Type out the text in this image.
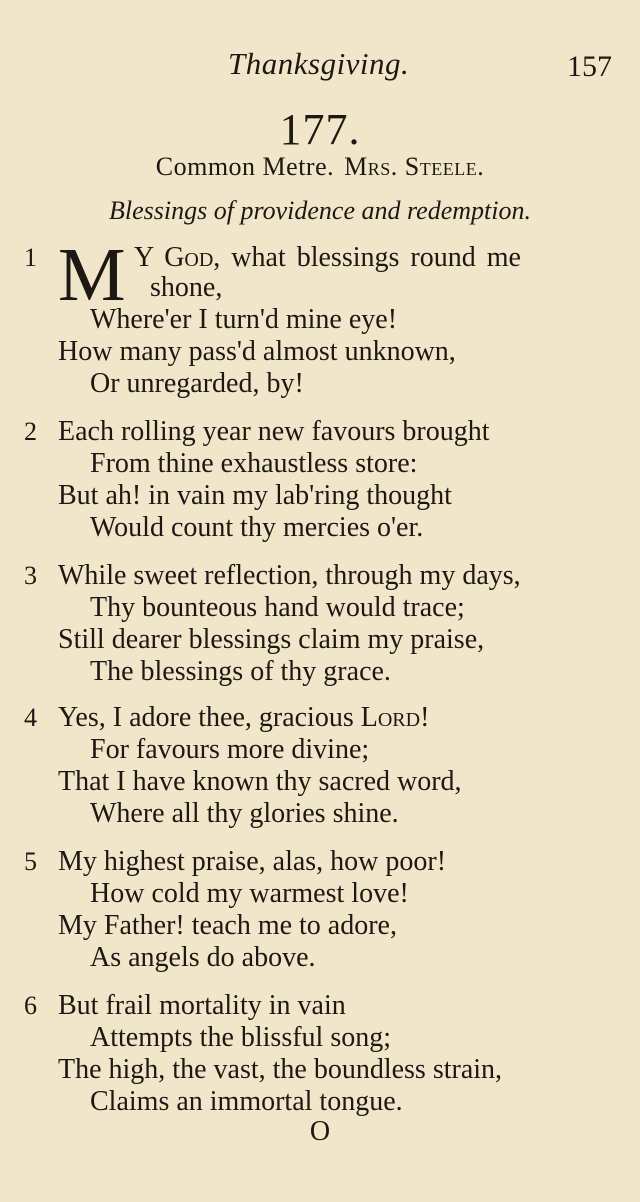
Thanksgiving.	157
177.
Common Metre. Mrs. Steele.
Blessings of providence and redemption.
1 M Y God, what blessings round me
shone,
Where'er I turn'd mine eye!
How many pass'd almost unknown,
Or unregarded, by!
2 Each rolling year new favours brought
From thine exhaustless store:
But ah! in vain my lab'ring thought
Would count thy mercies o'er.
3 While sweet reflection, through my days,
Thy bounteous hand would trace;
Still dearer blessings claim my praise,
The blessings of thy grace.
4 Yes, I adore thee, gracious Lord!
For favours more divine;
That I have known thy sacred word,
Where all thy glories shine.
5 My highest praise, alas, how poor!
How cold my warmest love!
My Father! teach me to adore,
As angels do above.
6 But frail mortality in vain
Attempts the blissful song;
The high, the vast, the boundless strain,
Claims an immortal tongue.
O
